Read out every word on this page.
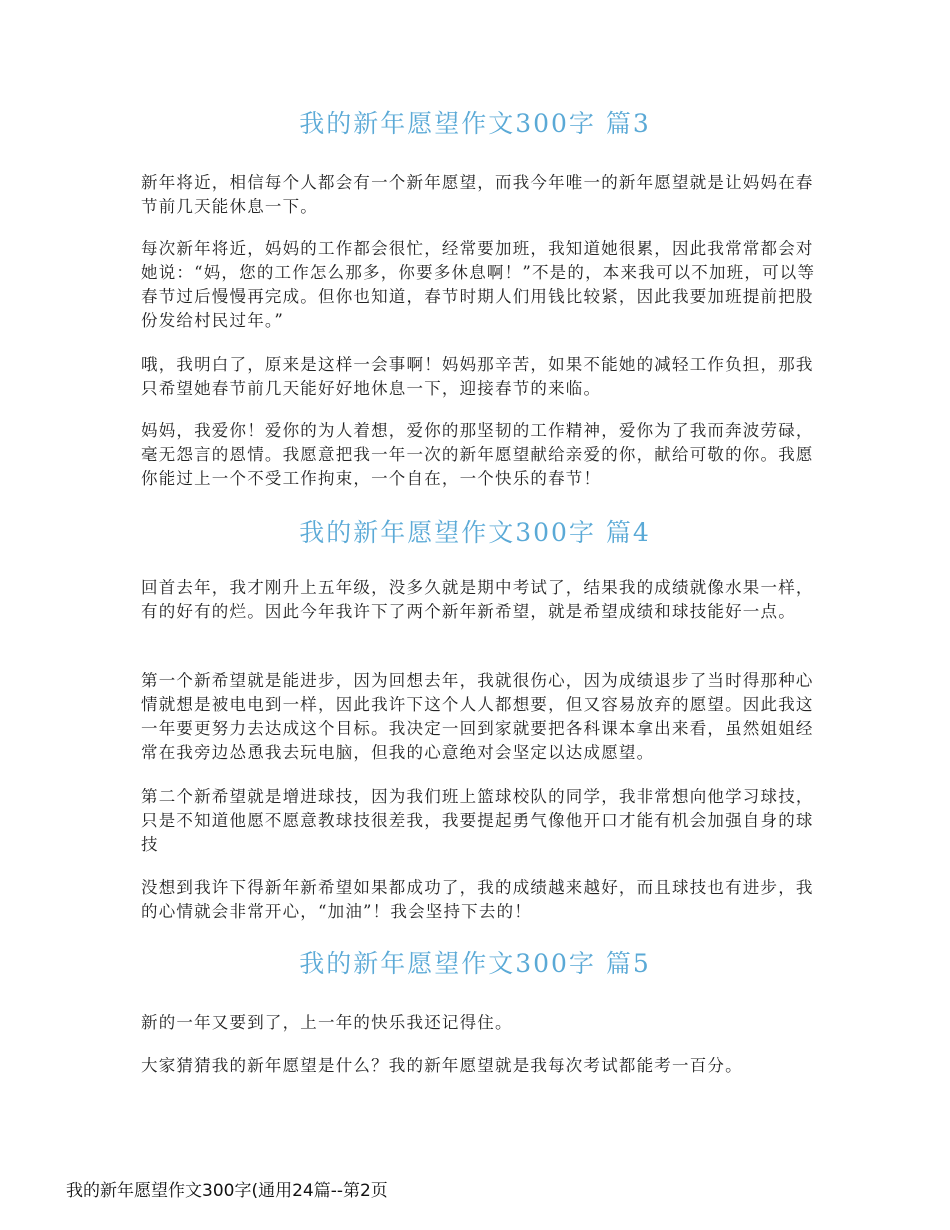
我的新年愿望作文300字 篇3

新年将近，相信每个人都会有一个新年愿望，而我今年唯一的新年愿望就是让妈妈在春节前几天能休息一下。

每次新年将近，妈妈的工作都会很忙，经常要加班，我知道她很累，因此我常常都会对她说：“妈，您的工作怎么那多，你要多休息啊！”不是的，本来我可以不加班，可以等春节过后慢慢再完成。但你也知道，春节时期人们用钱比较紧，因此我要加班提前把股份发给村民过年。”

哦，我明白了，原来是这样一会事啊！妈妈那辛苦，如果不能她的减轻工作负担，那我只希望她春节前几天能好好地休息一下，迎接春节的来临。

妈妈，我爱你！爱你的为人着想，爱你的那坚韧的工作精神，爱你为了我而奔波劳碌，毫无怨言的恩情。我愿意把我一年一次的新年愿望献给亲爱的你，献给可敬的你。我愿你能过上一个不受工作拘束，一个自在，一个快乐的春节！

我的新年愿望作文300字 篇4

回首去年，我才刚升上五年级，没多久就是期中考试了，结果我的成绩就像水果一样，有的好有的烂。因此今年我许下了两个新年新希望，就是希望成绩和球技能好一点。

第一个新希望就是能进步，因为回想去年，我就很伤心，因为成绩退步了当时得那种心情就想是被电电到一样，因此我许下这个人人都想要，但又容易放弃的愿望。因此我这一年要更努力去达成这个目标。我决定一回到家就要把各科课本拿出来看，虽然姐姐经常在我旁边怂恿我去玩电脑，但我的心意绝对会坚定以达成愿望。

第二个新希望就是增进球技，因为我们班上篮球校队的同学，我非常想向他学习球技，只是不知道他愿不愿意教球技很差我，我要提起勇气像他开口才能有机会加强自身的球技

没想到我许下得新年新希望如果都成功了，我的成绩越来越好，而且球技也有进步，我的心情就会非常开心，“加油”！我会坚持下去的！

我的新年愿望作文300字 篇5

新的一年又要到了，上一年的快乐我还记得住。

大家猜猜我的新年愿望是什么？我的新年愿望就是我每次考试都能考一百分。

我的新年愿望作文300字(通用24篇--第2页
